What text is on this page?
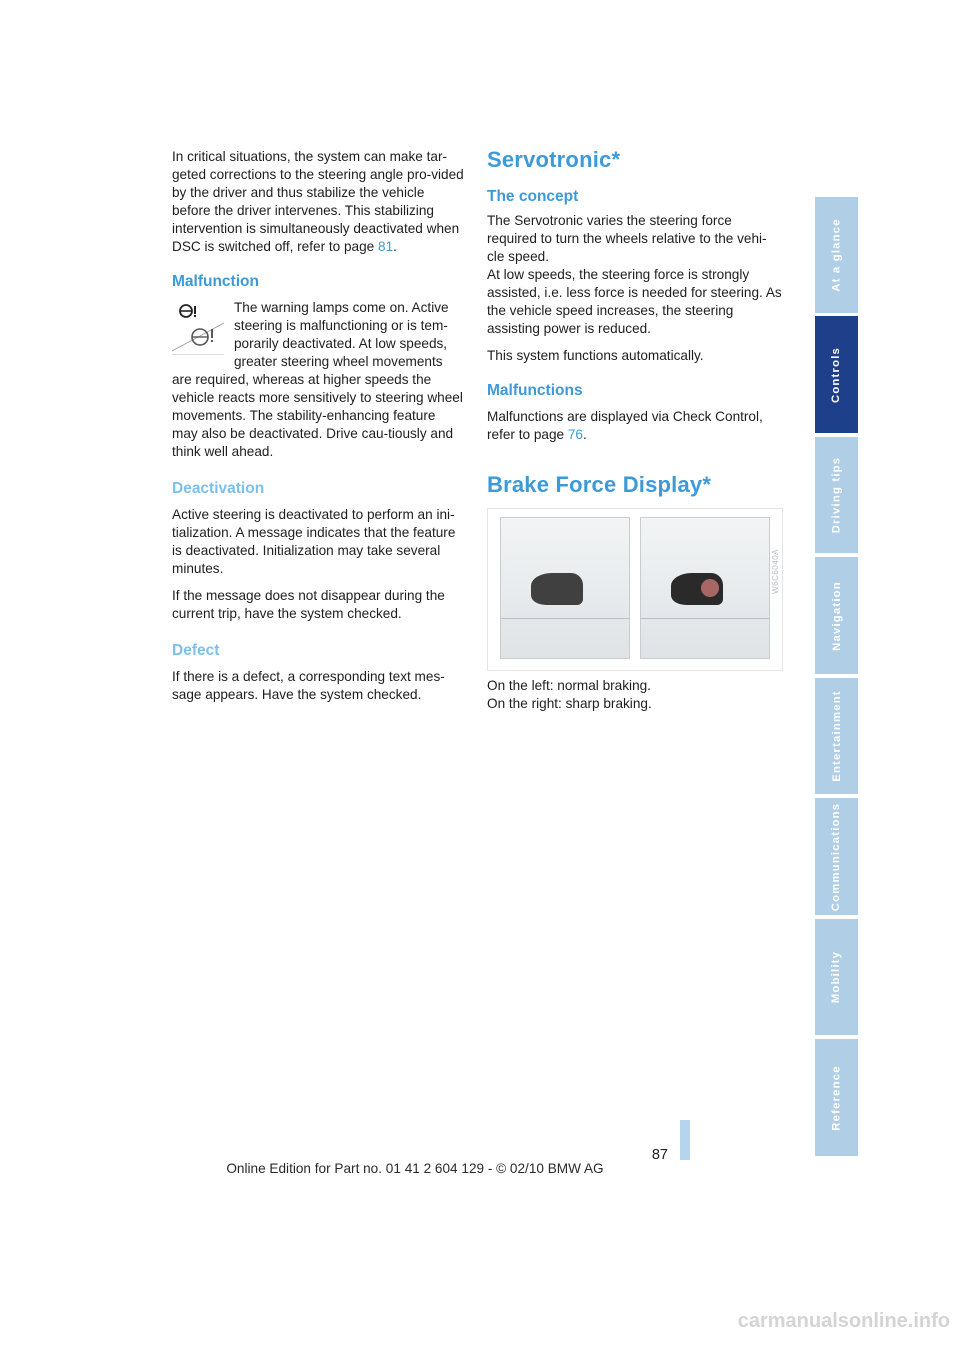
In critical situations, the system can make tar-geted corrections to the steering angle pro-vided by the driver and thus stabilize the vehicle before the driver intervenes. This stabilizing intervention is simultaneously deactivated when DSC is switched off, refer to page 81.

Malfunction

The warning lamps come on. Active steering is malfunctioning or is tem-porarily deactivated. At low speeds, greater steering wheel movements

are required, whereas at higher speeds the vehicle reacts more sensitively to steering wheel movements. The stability-enhancing feature may also be deactivated. Drive cau-tiously and think well ahead.

Deactivation

Active steering is deactivated to perform an ini-tialization. A message indicates that the feature is deactivated. Initialization may take several minutes.

If the message does not disappear during the current trip, have the system checked.

Defect

If there is a defect, a corresponding text mes-sage appears. Have the system checked.

Servotronic*
The concept

The Servotronic varies the steering force required to turn the wheels relative to the vehi-cle speed.

At low speeds, the steering force is strongly assisted, i.e. less force is needed for steering. As the vehicle speed increases, the steering assisting power is reduced.

This system functions automatically.

Malfunctions

Malfunctions are displayed via Check Control, refer to page 76.

Brake Force Display*
W6C6040A

On the left: normal braking.
On the right: sharp braking.

At a glance
Controls
Driving tips
Navigation
Entertainment
Communications
Mobility
Reference
87
Online Edition for Part no. 01 41 2 604 129 - © 02/10 BMW AG
carmanualsonline.info
